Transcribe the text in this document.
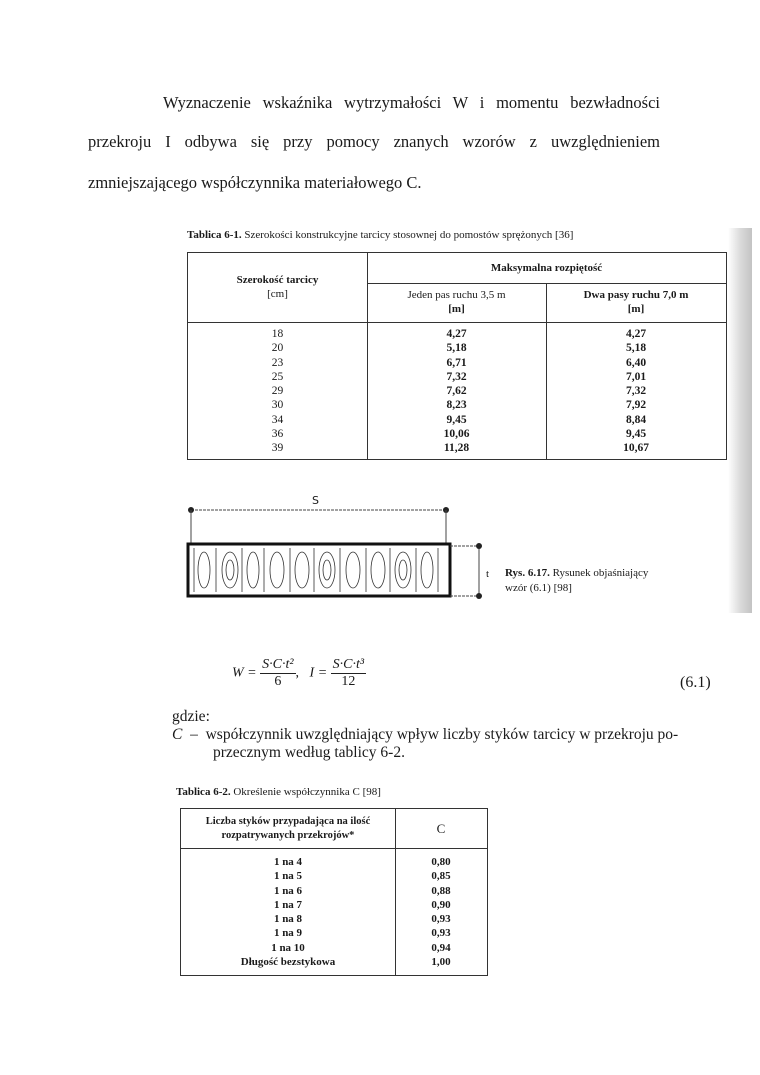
Wyznaczenie wskaźnika wytrzymałości W i momentu bezwładności
przekroju I odbywa się przy pomocy znanych wzorów z uwzględnieniem
zmniejszającego współczynnika materiałowego C.
Tablica 6-1. Szerokości konstrukcyjne tarcicy stosownej do pomostów sprężonych [36]
Szerokość tarcicy
[cm]
Maksymalna rozpiętość
Jeden pas ruchu 3,5 m
[m]
Dwa pasy ruchu 7,0 m
[m]
18
20
23
25
29
30
34
36
39
4,27
5,18
6,71
7,32
7,62
8,23
9,45
10,06
11,28
4,27
5,18
6,40
7,01
7,32
7,92
8,84
9,45
10,67
S
t Rys. 6.17. Rysunek objaśniający
wzór (6.1) [98]
$W = \frac{\text{S·C·t²}}{6}$ , $I = \frac{\text{S·C·t³}}{12}$	(6.1)
gdzie:
C – współczynnik uwzględniający wpływ liczby styków tarcicy w przekroju po-
przecznym według tablicy 6-2.
Tablica 6-2. Określenie współczynnika C [98]
Liczba styków przypadająca na ilość
rozpatrywanych przekrojów*	C
1 na 4
1 na 5
1 na 6
1 na 7
1 na 8
1 na 9
1 na 10
Długość bezstykowa
0,80
0,85
0,88
0,90
0,93
0,93
0,94
1,00
